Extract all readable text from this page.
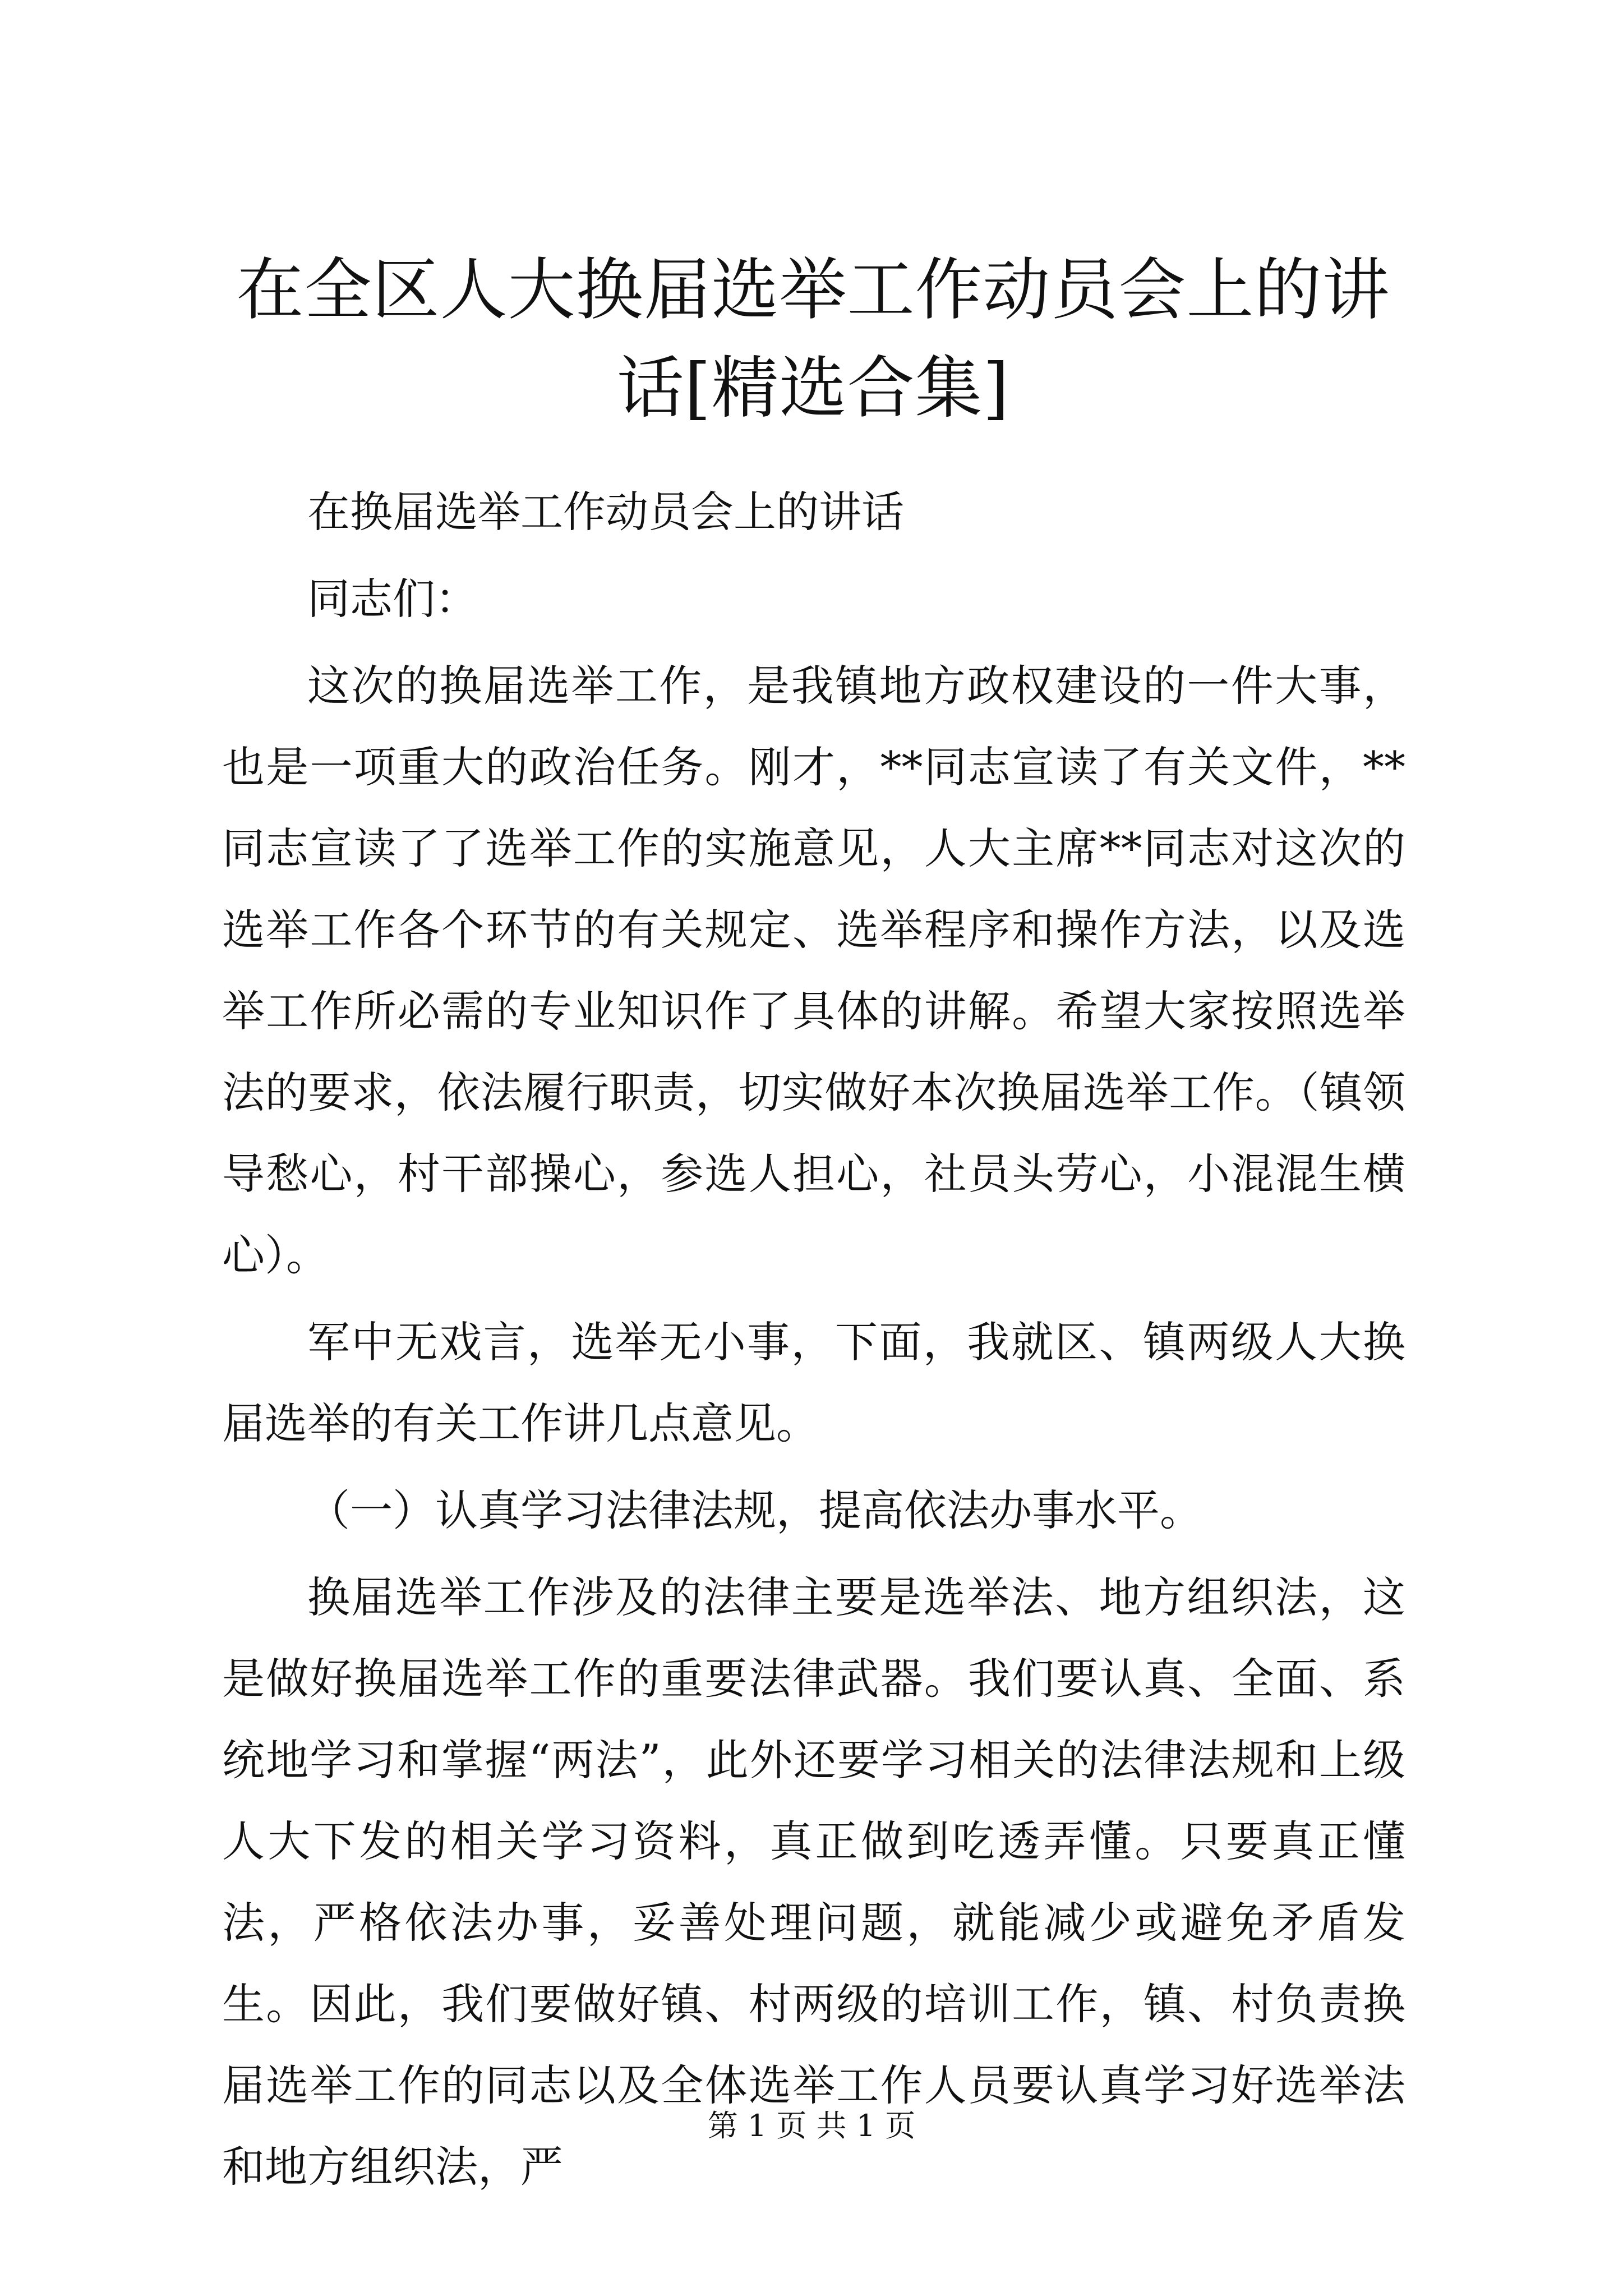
在全区人大换届选举工作动员会上的讲话[精选合集]

在换届选举工作动员会上的讲话

同志们：

这次的换届选举工作，是我镇地方政权建设的一件大事，也是一项重大的政治任务。刚才，**同志宣读了有关文件，**同志宣读了了选举工作的实施意见，人大主席**同志对这次的选举工作各个环节的有关规定、选举程序和操作方法，以及选举工作所必需的专业知识作了具体的讲解。希望大家按照选举法的要求，依法履行职责，切实做好本次换届选举工作。（镇领导愁心，村干部操心，参选人担心，社员头劳心，小混混生横心）。

军中无戏言，选举无小事，下面，我就区、镇两级人大换届选举的有关工作讲几点意见。

（一）认真学习法律法规，提高依法办事水平。

换届选举工作涉及的法律主要是选举法、地方组织法，这是做好换届选举工作的重要法律武器。我们要认真、全面、系统地学习和掌握“两法”，此外还要学习相关的法律法规和上级人大下发的相关学习资料，真正做到吃透弄懂。只要真正懂法，严格依法办事，妥善处理问题，就能减少或避免矛盾发生。因此，我们要做好镇、村两级的培训工作，镇、村负责换届选举工作的同志以及全体选举工作人员要认真学习好选举法和地方组织法，严

第 1 页 共 1 页
